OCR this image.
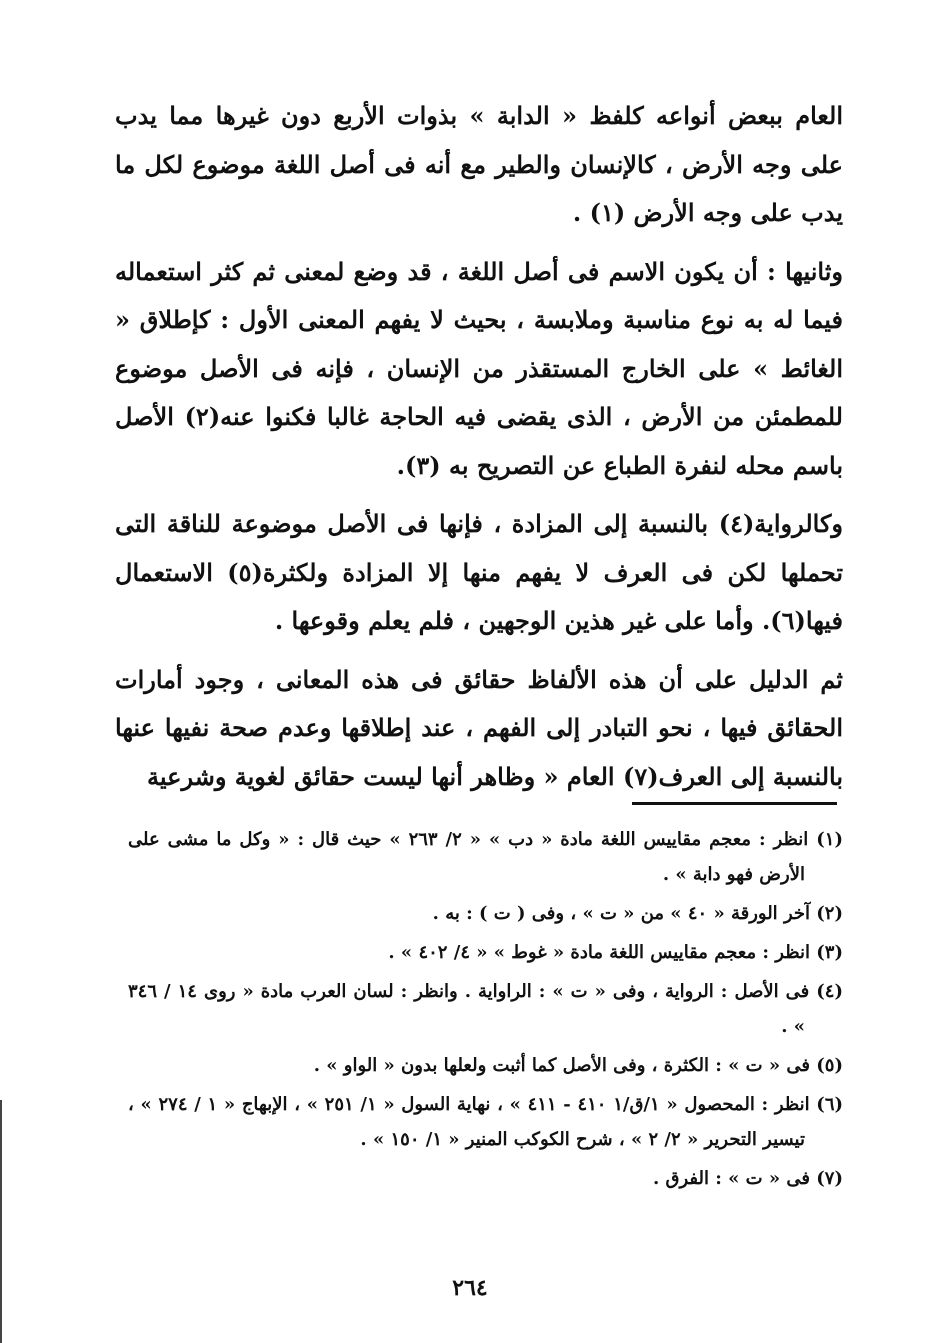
العام ببعض أنواعه كلفظ « الدابة » بذوات الأربع دون غيرها مما يدب على وجه الأرض ، كالإنسان والطير مع أنه فى أصل اللغة موضوع لكل ما يدب على وجه الأرض (١) .

وثانيها : أن يكون الاسم فى أصل اللغة ، قد وضع لمعنى ثم كثر استعماله فيما له به نوع مناسبة وملابسة ، بحيث لا يفهم المعنى الأول : كإطلاق « الغائط » على الخارج المستقذر من الإنسان ، فإنه فى الأصل موضوع للمطمئن من الأرض ، الذى يقضى فيه الحاجة غالبا فكنوا عنه(٢) الأصل باسم محله لنفرة الطباع عن التصريح به (٣).

وكالرواية(٤) بالنسبة إلى المزادة ، فإنها فى الأصل موضوعة للناقة التى تحملها لكن فى العرف لا يفهم منها إلا المزادة ولكثرة(٥) الاستعمال فيها(٦). وأما على غير هذين الوجهين ، فلم يعلم وقوعها .

ثم الدليل على أن هذه الألفاظ حقائق فى هذه المعانى ، وجود أمارات الحقائق فيها ، نحو التبادر إلى الفهم ، عند إطلاقها وعدم صحة نفيها عنها بالنسبة إلى العرف(٧) العام « وظاهر أنها ليست حقائق لغوية وشرعية

(١) انظر : معجم مقاييس اللغة مادة « دب » « ٢/ ٢٦٣ » حيث قال : « وكل ما مشى على الأرض فهو دابة » .
(٢) آخر الورقة « ٤٠ » من « ت » ، وفى ( ت ) : به .
(٣) انظر : معجم مقاييس اللغة مادة « غوط » « ٤/ ٤٠٢ » .
(٤) فى الأصل : الرواية ، وفى « ت » : الراواية . وانظر : لسان العرب مادة « روى ١٤ / ٣٤٦ » .
(٥) فى « ت » : الكثرة ، وفى الأصل كما أثبت ولعلها بدون « الواو » .
(٦) انظر : المحصول « ١/ق/١ ٤١٠ - ٤١١ » ، نهاية السول « ١/ ٢٥١ » ، الإبهاج « ١ / ٢٧٤ » ، تيسير التحرير « ٢/ ٢ » ، شرح الكوكب المنير « ١/ ١٥٠ » .
(٧) فى « ت » : الفرق .
٢٦٤
